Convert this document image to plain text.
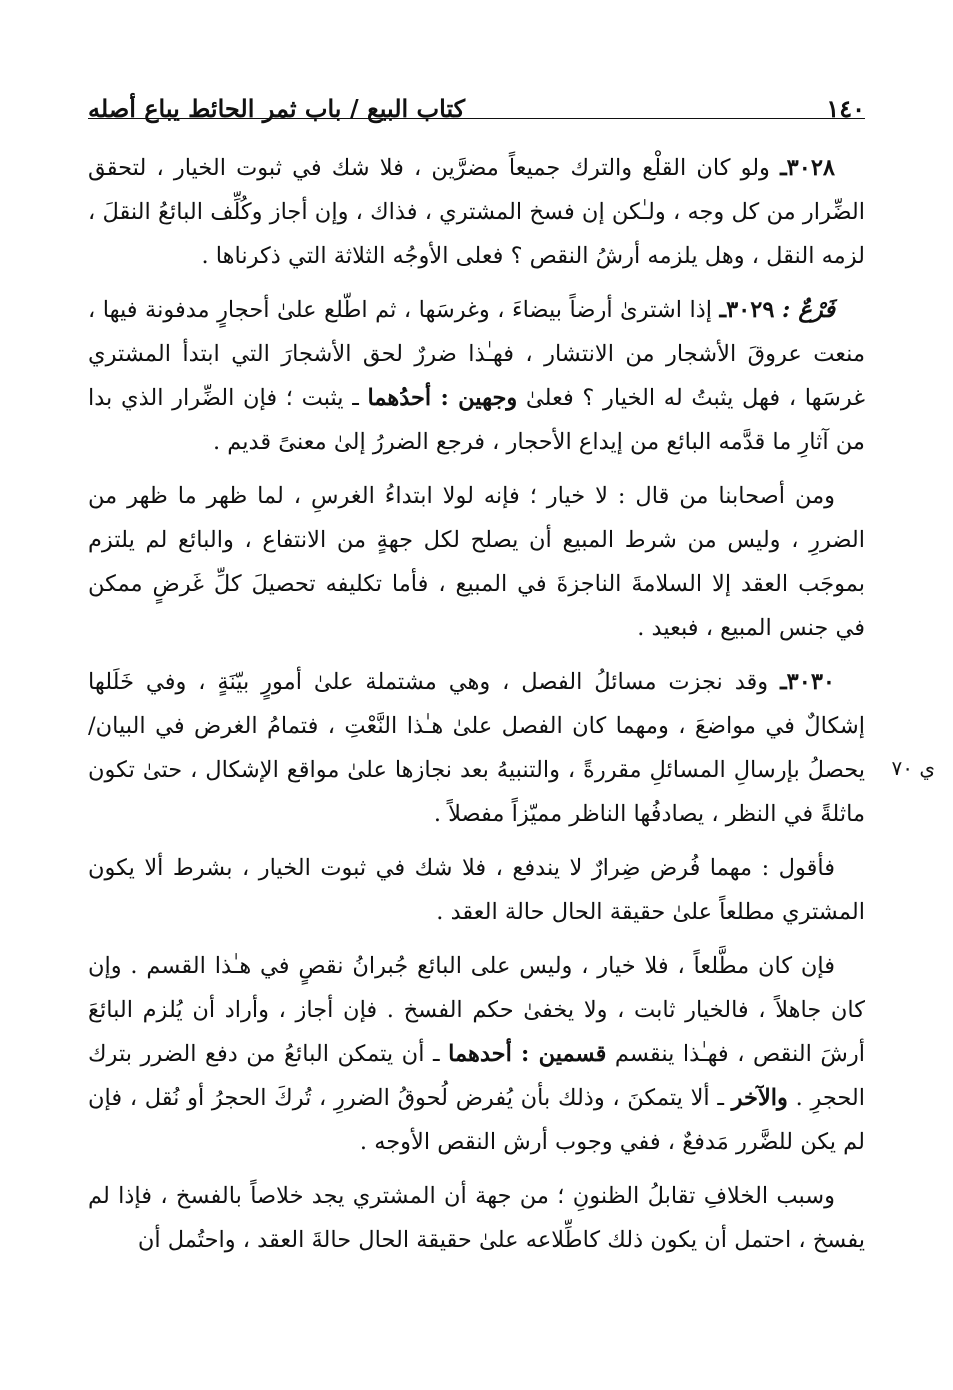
١٤٠
كتاب البيع / باب ثمر الحائط يباع أصله
ي ٧٠

٣٠٢٨ـ ولو كان القلْع والترك جميعاً مضرَّين ، فلا شك في ثبوت الخيار ، لتحقق الضِّرار من كل وجه ، ولـٰكن إن فسخ المشتري ، فذاك ، وإن أجاز وكُلِّف البائعُ النقلَ ، لزمه النقل ، وهل يلزمه أرشُ النقص ؟ فعلى الأوجُه الثلاثة التي ذكرناها .

فَرْعٌ : ٣٠٢٩ـ إذا اشترىٰ أرضاً بيضاءَ ، وغرسَها ، ثم اطّلع علىٰ أحجارٍ مدفونة فيها ، منعت عروقَ الأشجار من الانتشار ، فهـٰذا ضررٌ لحق الأشجارَ التي ابتدأ المشتري غرسَها ، فهل يثبتُ له الخيار ؟ فعلىٰ وجهين : أحدُهما ـ يثبت ؛ فإن الضِّرار الذي بدا من آثارِ ما قدَّمه البائع من إيداع الأحجار ، فرجع الضررُ إلىٰ معنىً قديم .

ومن أصحابنا من قال : لا خيار ؛ فإنه لولا ابتداءُ الغرسِ ، لما ظهر ما ظهر من الضررِ ، وليس من شرط المبيع أن يصلح لكل جهةٍ من الانتفاع ، والبائع لم يلتزم بموجَب العقد إلا السلامةَ الناجزةَ في المبيع ، فأما تكليفه تحصيلَ كلِّ غَرضٍ ممكن في جنس المبيع ، فبعيد .

٣٠٣٠ـ وقد نجزت مسائلُ الفصل ، وهي مشتملة علىٰ أمورٍ بيّنَةٍ ، وفي خَلَلها إشكالٌ في مواضعَ ، ومهما كان الفصل علىٰ هـٰذا النَّعْتِ ، فتمامُ الغرض في البيان/ يحصلُ بإرسالِ المسائلِ مقررةً ، والتنبيهُ بعد نجازها علىٰ مواقع الإشكال ، حتىٰ تكون ماثلةً في النظر ، يصادفُها الناظر مميّزاً مفصلاً .

فأقول : مهما فُرض ضِرارٌ لا يندفع ، فلا شك في ثبوت الخيار ، بشرط ألا يكون المشتري مطلعاً علىٰ حقيقة الحال حالة العقد .

فإن كان مطَّلعاً ، فلا خيار ، وليس على البائع جُبرانُ نقصٍ في هـٰذا القسم . وإن كان جاهلاً ، فالخيار ثابت ، ولا يخفىٰ حكم الفسخ . فإن أجاز ، وأراد أن يُلزم البائعَ أرشَ النقص ، فهـٰذا ينقسم قسمين : أحدهما ـ أن يتمكن البائعُ من دفع الضرر بترك الحجرِ . والآخر ـ ألا يتمكنَ ، وذلك بأن يُفرض لُحوقُ الضررِ ، تُركَ الحجرُ أو نُقل ، فإن لم يكن للضَّرر مَدفعٌ ، ففي وجوب أرش النقص الأوجه .

وسبب الخلافِ تقابلُ الظنونِ ؛ من جهة أن المشتري يجد خلاصاً بالفسخ ، فإذا لم يفسخ ، احتمل أن يكون ذلك كاطِّلاعه علىٰ حقيقة الحال حالةَ العقد ، واحتُمل أن
